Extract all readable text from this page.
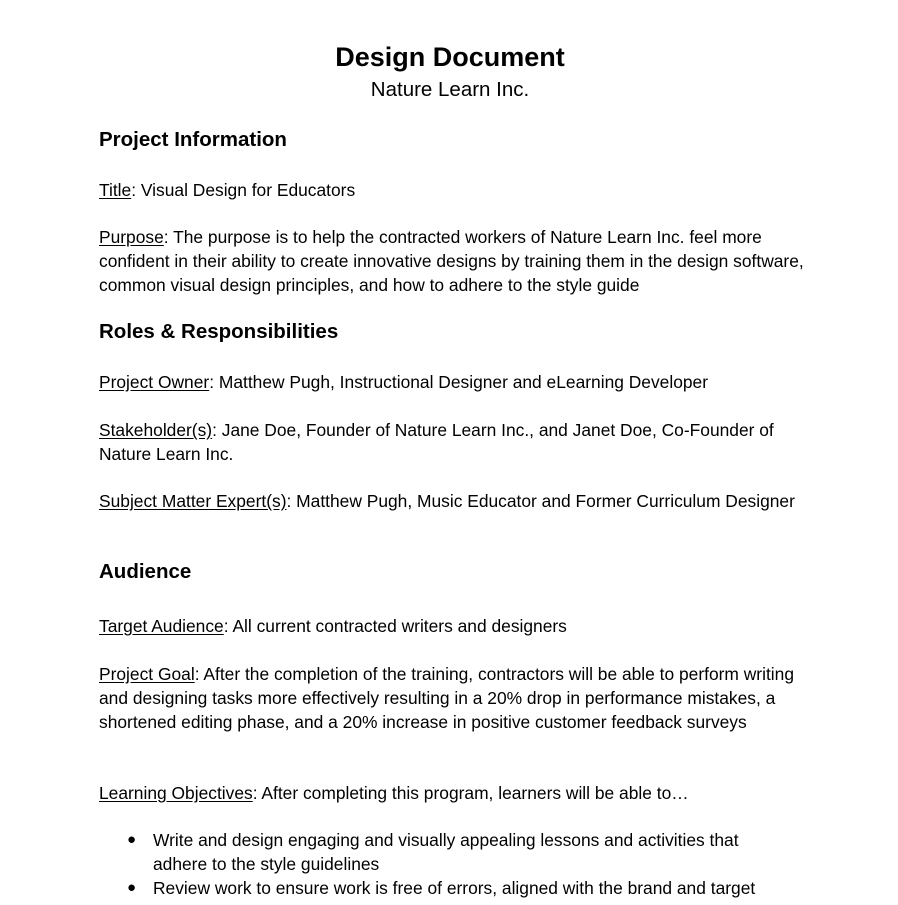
Design Document
Nature Learn Inc.
Project Information

Title: Visual Design for Educators

Purpose: The purpose is to help the contracted workers of Nature Learn Inc. feel more confident in their ability to create innovative designs by training them in the design software, common visual design principles, and how to adhere to the style guide

Roles & Responsibilities

Project Owner: Matthew Pugh, Instructional Designer and eLearning Developer

Stakeholder(s): Jane Doe, Founder of Nature Learn Inc., and Janet Doe, Co-Founder of Nature Learn Inc.

Subject Matter Expert(s): Matthew Pugh, Music Educator and Former Curriculum Designer

Audience

Target Audience: All current contracted writers and designers

Project Goal: After the completion of the training, contractors will be able to perform writing and designing tasks more effectively resulting in a 20% drop in performance mistakes, a shortened editing phase, and a 20% increase in positive customer feedback surveys

Learning Objectives: After completing this program, learners will be able to…

● Write and design engaging and visually appealing lessons and activities that adhere to the style guidelines
● Review work to ensure work is free of errors, aligned with the brand and target
